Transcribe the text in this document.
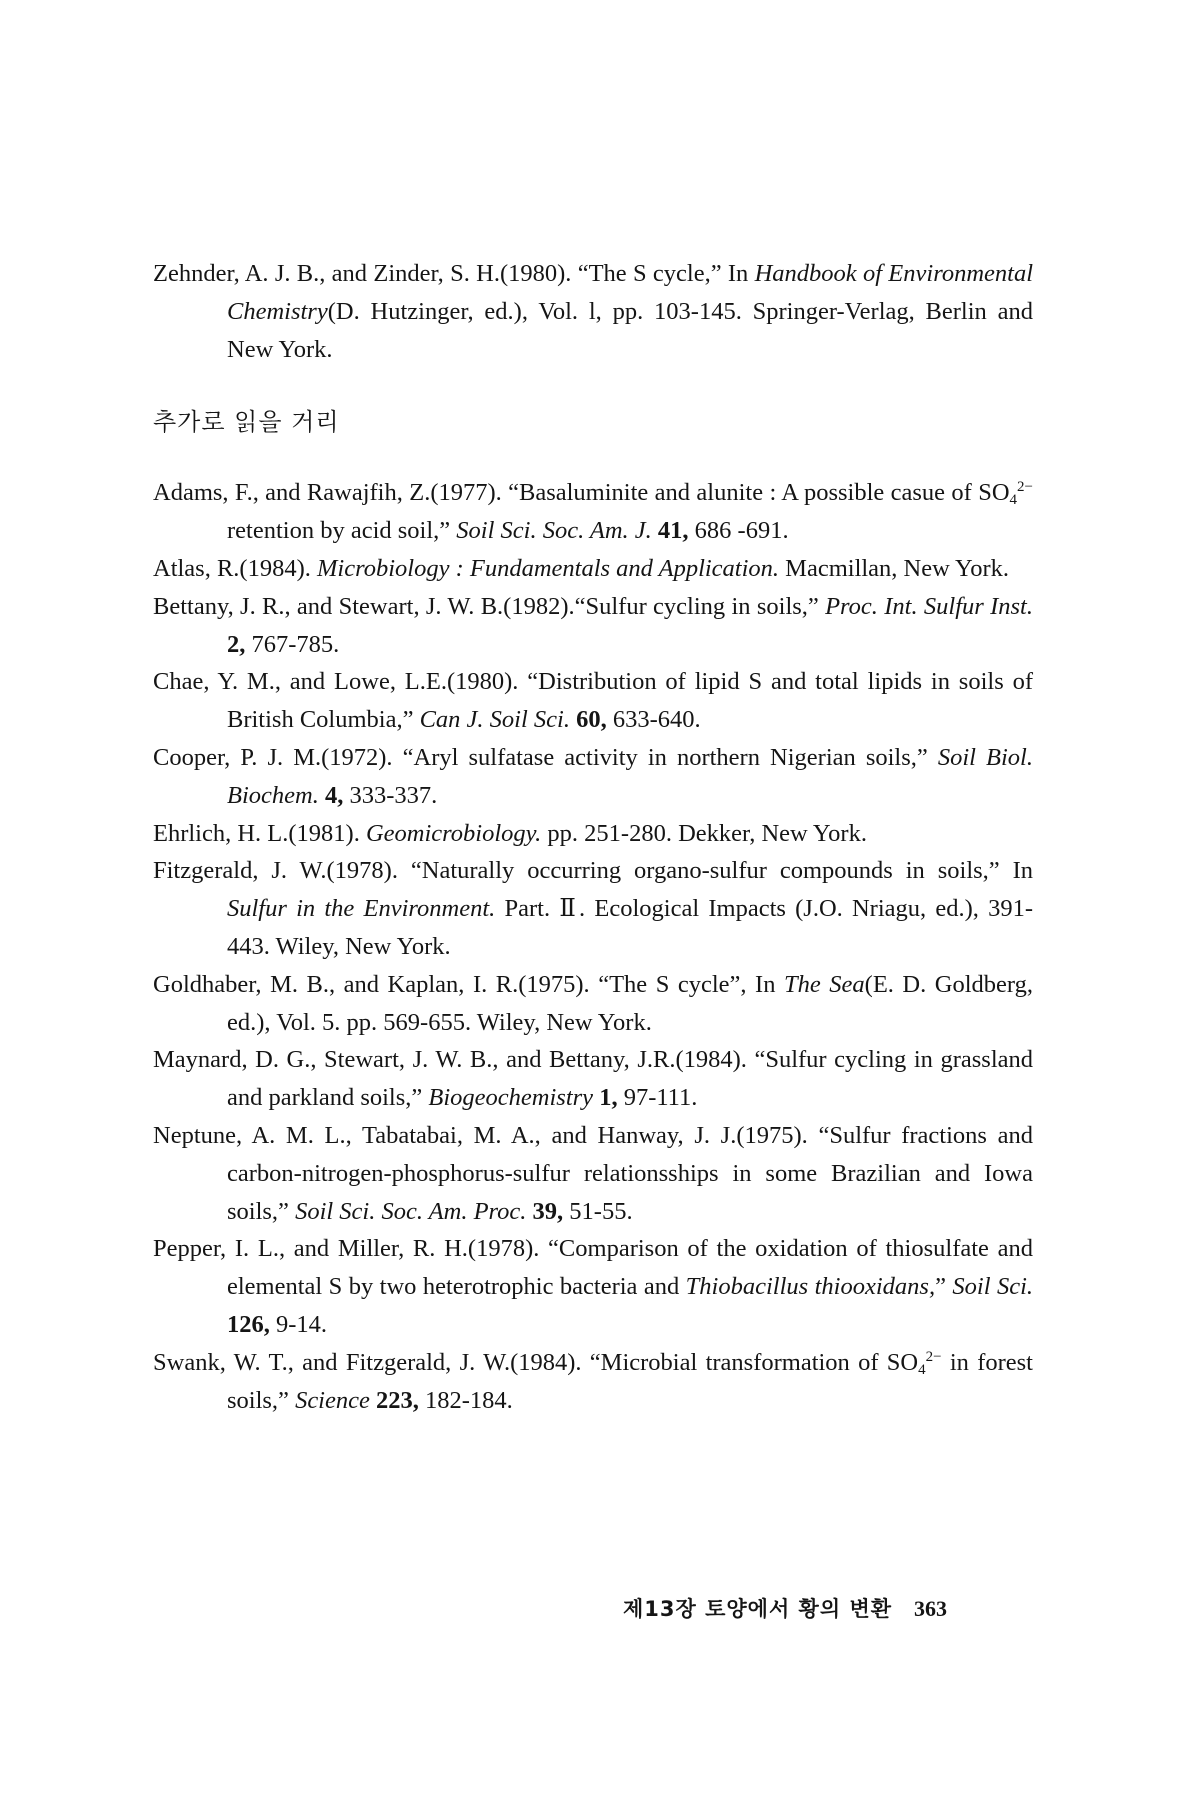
Zehnder, A. J. B., and Zinder, S. H.(1980). “The S cycle,” In Handbook of Environmental Chemistry(D. Hutzinger, ed.), Vol. l, pp. 103-145. Springer-Verlag, Berlin and New York.

추가로 읽을 거리

Adams, F., and Rawajfih, Z.(1977). “Basaluminite and alunite : A possible casue of $SO_4^{2-}$ retention by acid soil,” Soil Sci. Soc. Am. J. 41, 686 -691.

Atlas, R.(1984). Microbiology : Fundamentals and Application. Macmillan, New York.

Bettany, J. R., and Stewart, J. W. B.(1982).“Sulfur cycling in soils,” Proc. Int. Sulfur Inst. 2, 767-785.

Chae, Y. M., and Lowe, L.E.(1980). “Distribution of lipid S and total lipids in soils of British Columbia,” Can J. Soil Sci. 60, 633-640.

Cooper, P. J. M.(1972). “Aryl sulfatase activity in northern Nigerian soils,” Soil Biol. Biochem. 4, 333-337.

Ehrlich, H. L.(1981). Geomicrobiology. pp. 251-280. Dekker, New York.

Fitzgerald, J. W.(1978). “Naturally occurring organo-sulfur compounds in soils,” In Sulfur in the Environment. Part. Ⅱ. Ecological Impacts (J.O. Nriagu, ed.), 391-443. Wiley, New York.

Goldhaber, M. B., and Kaplan, I. R.(1975). “The S cycle”, In The Sea(E. D. Goldberg, ed.), Vol. 5. pp. 569-655. Wiley, New York.

Maynard, D. G., Stewart, J. W. B., and Bettany, J.R.(1984). “Sulfur cycling in grassland and parkland soils,” Biogeochemistry 1, 97-111.

Neptune, A. M. L., Tabatabai, M. A., and Hanway, J. J.(1975). “Sulfur fractions and carbon-nitrogen-phosphorus-sulfur relationsships in some Brazilian and Iowa soils,” Soil Sci. Soc. Am. Proc. 39, 51-55.

Pepper, I. L., and Miller, R. H.(1978). “Comparison of the oxidation of thiosulfate and elemental S by two heterotrophic bacteria and Thiobacillus thiooxidans,” Soil Sci. 126, 9-14.

Swank, W. T., and Fitzgerald, J. W.(1984). “Microbial transformation of $SO_4^{2-}$ in forest soils,” Science 223, 182-184.

제13장 토양에서 황의 변환 363
